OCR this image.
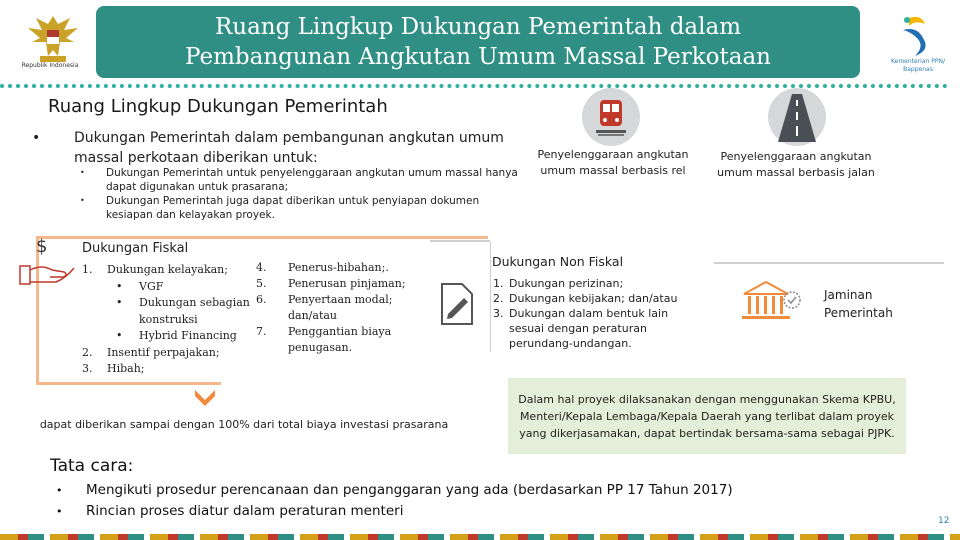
Republik Indonesia
Ruang Lingkup Dukungan Pemerintah dalam
Pembangunan Angkutan Umum Massal Perkotaan	Kementerian PPN/
Bappenas
Ruang Lingkup Dukungan Pemerintah
• Dukungan Pemerintah dalam pembangunan angkutan umum massal perkotaan diberikan untuk:
• Dukungan Pemerintah untuk penyelenggaraan angkutan umum massal hanya dapat digunakan untuk prasarana;
• Dukungan Pemerintah juga dapat diberikan untuk penyiapan dokumen kesiapan dan kelayakan proyek.
Penyelenggaraan angkutan umum massal berbasis rel
Penyelenggaraan angkutan umum massal berbasis jalan
$	Dukungan Fiskal
1. Dukungan kelayakan;
• VGF
• Dukungan sebagian konstruksi
• Hybrid Financing
2. Insentif perpajakan;
3. Hibah;
4. Penerus-hibahan;.
5. Penerusan pinjaman;
6. Penyertaan modal; dan/atau
7. Penggantian biaya penugasan.
dapat diberikan sampai dengan 100% dari total biaya investasi prasarana
Dukungan Non Fiskal
1. Dukungan perizinan;
2. Dukungan kebijakan; dan/atau
3. Dukungan dalam bentuk lain sesuai dengan peraturan perundang-undangan.
Jaminan
Pemerintah
Dalam hal proyek dilaksanakan dengan menggunakan Skema KPBU, Menteri/Kepala Lembaga/Kepala Daerah yang terlibat dalam proyek yang dikerjasamakan, dapat bertindak bersama-sama sebagai PJPK.
Tata cara:
• Mengikuti prosedur perencanaan dan penganggaran yang ada (berdasarkan PP 17 Tahun 2017)
• Rincian proses diatur dalam peraturan menteri
12
